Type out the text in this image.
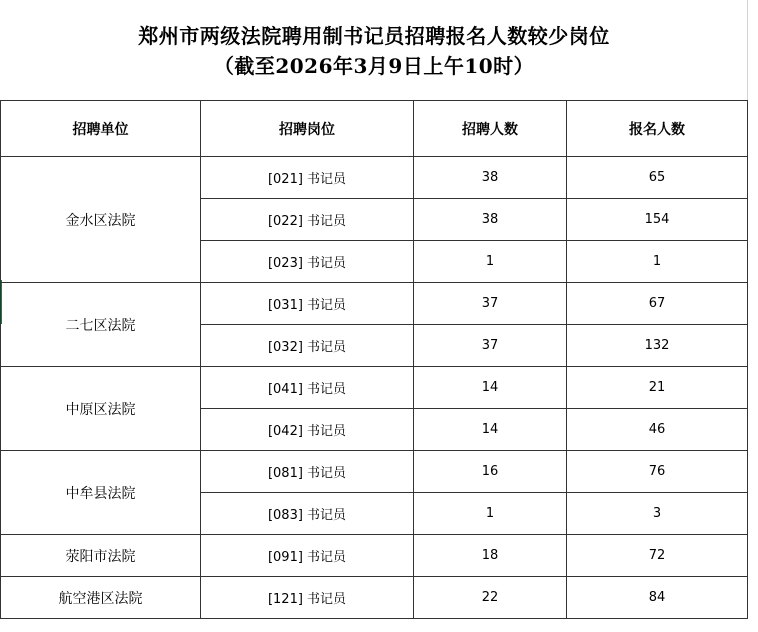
郑州市两级法院聘用制书记员招聘报名人数较少岗位
（截至2026年3月9日上午10时）
招聘单位	招聘岗位	招聘人数	报名人数
金水区法院	[021] 书记员	38	65
	[022] 书记员	38	154
	[023] 书记员	1	1
二七区法院	[031] 书记员	37	67
	[032] 书记员	37	132
中原区法院	[041] 书记员	14	21
	[042] 书记员	14	46
中牟县法院	[081] 书记员	16	76
	[083] 书记员	1	3
荥阳市法院	[091] 书记员	18	72
航空港区法院	[121] 书记员	22	84
